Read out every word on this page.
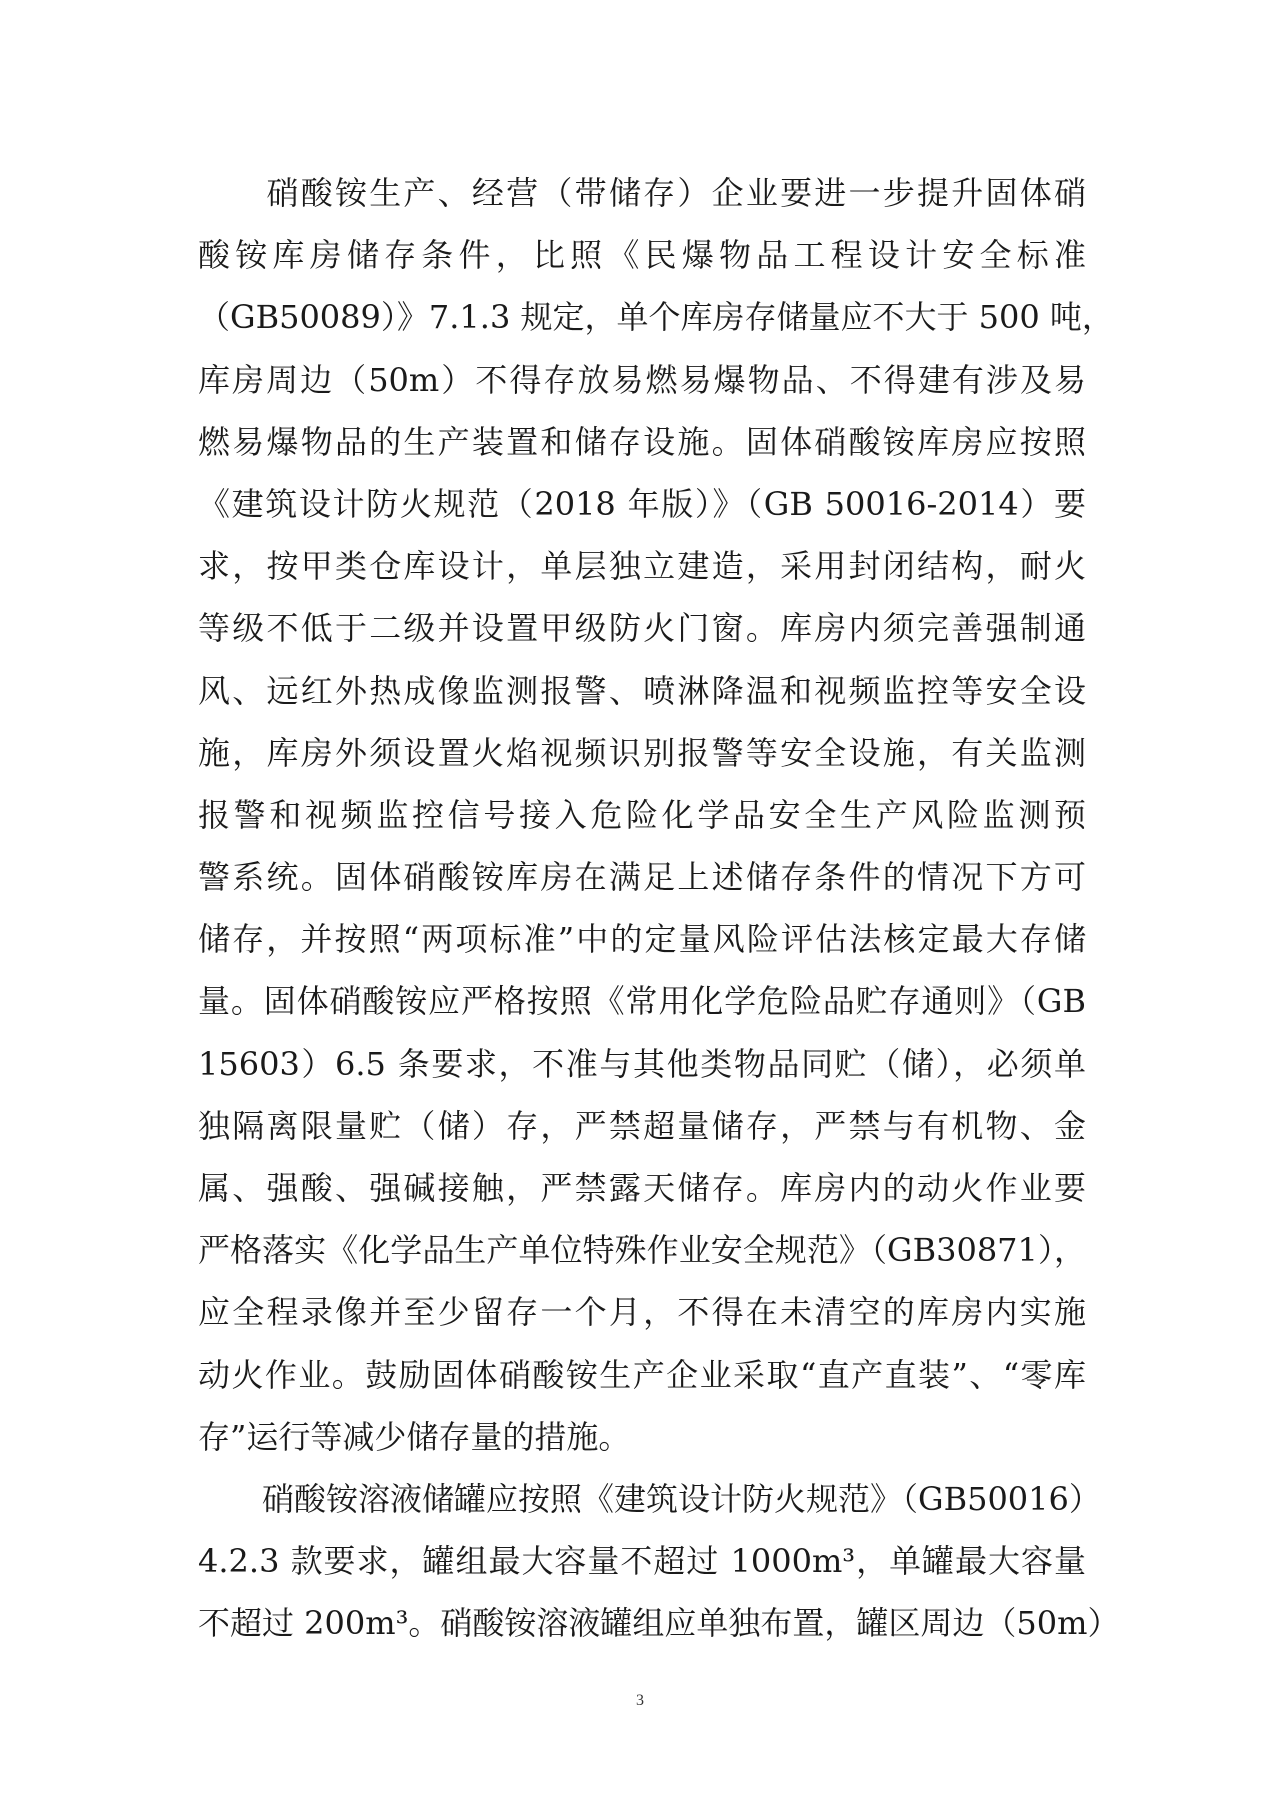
　　硝酸铵生产、经营（带储存）企业要进一步提升固体硝
酸铵库房储存条件，比照《民爆物品工程设计安全标准
（GB50089）》7.1.3 规定，单个库房存储量应不大于 500 吨，
库房周边（50m）不得存放易燃易爆物品、不得建有涉及易
燃易爆物品的生产装置和储存设施。固体硝酸铵库房应按照
《建筑设计防火规范（2018 年版）》（GB 50016-2014）要
求，按甲类仓库设计，单层独立建造，采用封闭结构，耐火
等级不低于二级并设置甲级防火门窗。库房内须完善强制通
风、远红外热成像监测报警、喷淋降温和视频监控等安全设
施，库房外须设置火焰视频识别报警等安全设施，有关监测
报警和视频监控信号接入危险化学品安全生产风险监测预
警系统。固体硝酸铵库房在满足上述储存条件的情况下方可
储存，并按照“两项标准”中的定量风险评估法核定最大存储
量。固体硝酸铵应严格按照《常用化学危险品贮存通则》（GB
15603）6.5 条要求，不准与其他类物品同贮（储），必须单
独隔离限量贮（储）存，严禁超量储存，严禁与有机物、金
属、强酸、强碱接触，严禁露天储存。库房内的动火作业要
严格落实《化学品生产单位特殊作业安全规范》（GB30871），
应全程录像并至少留存一个月，不得在未清空的库房内实施
动火作业。鼓励固体硝酸铵生产企业采取“直产直装”、“零库
存”运行等减少储存量的措施。
　　硝酸铵溶液储罐应按照《建筑设计防火规范》（GB50016）
4.2.3 款要求，罐组最大容量不超过 1000m³，单罐最大容量
不超过 200m³。硝酸铵溶液罐组应单独布置，罐区周边（50m）
3
